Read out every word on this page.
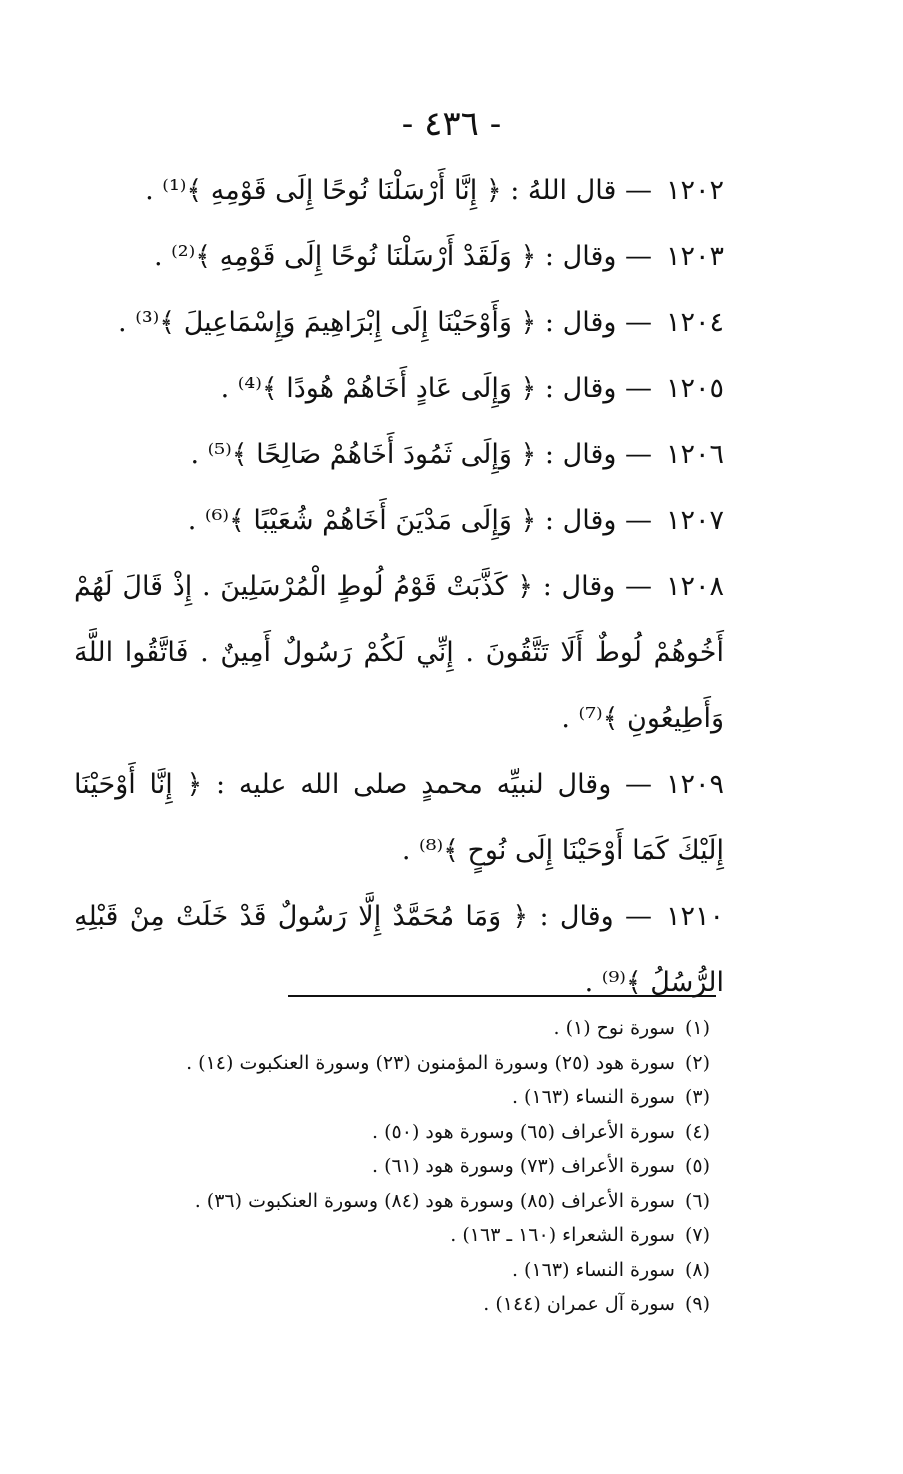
- ٤٣٦ -

١٢٠٢— قال اللهُ : ﴿ إِنَّا أَرْسَلْنَا نُوحًا إِلَى قَوْمِهِ ﴾⁽¹⁾ .

١٢٠٣— وقال : ﴿ وَلَقَدْ أَرْسَلْنَا نُوحًا إِلَى قَوْمِهِ ﴾⁽²⁾ .

١٢٠٤— وقال : ﴿ وَأَوْحَيْنَا إِلَى إِبْرَاهِيمَ وَإِسْمَاعِيلَ ﴾⁽³⁾ .

١٢٠٥— وقال : ﴿ وَإِلَى عَادٍ أَخَاهُمْ هُودًا ﴾⁽⁴⁾ .

١٢٠٦— وقال : ﴿ وَإِلَى ثَمُودَ أَخَاهُمْ صَالِحًا ﴾⁽⁵⁾ .

١٢٠٧— وقال : ﴿ وَإِلَى مَدْيَنَ أَخَاهُمْ شُعَيْبًا ﴾⁽⁶⁾ .

١٢٠٨— وقال : ﴿ كَذَّبَتْ قَوْمُ لُوطٍ الْمُرْسَلِينَ . إِذْ قَالَ لَهُمْ أَخُوهُمْ لُوطٌ أَلَا تَتَّقُونَ . إِنِّي لَكُمْ رَسُولٌ أَمِينٌ . فَاتَّقُوا اللَّهَ وَأَطِيعُونِ ﴾⁽⁷⁾ .

١٢٠٩— وقال لنبيِّه محمدٍ صلى الله عليه : ﴿ إِنَّا أَوْحَيْنَا إِلَيْكَ كَمَا أَوْحَيْنَا إِلَى نُوحٍ ﴾⁽⁸⁾ .

١٢١٠— وقال : ﴿ وَمَا مُحَمَّدٌ إِلَّا رَسُولٌ قَدْ خَلَتْ مِنْ قَبْلِهِ الرُّسُلُ ﴾⁽⁹⁾ .

(١)سورة نوح (١) .
(٢)سورة هود (٢٥) وسورة المؤمنون (٢٣) وسورة العنكبوت (١٤) .
(٣)سورة النساء (١٦٣) .
(٤)سورة الأعراف (٦٥) وسورة هود (٥٠) .
(٥)سورة الأعراف (٧٣) وسورة هود (٦١) .
(٦)سورة الأعراف (٨٥) وسورة هود (٨٤) وسورة العنكبوت (٣٦) .
(٧)سورة الشعراء (١٦٠ ـ ١٦٣) .
(٨)سورة النساء (١٦٣) .
(٩)سورة آل عمران (١٤٤) .
